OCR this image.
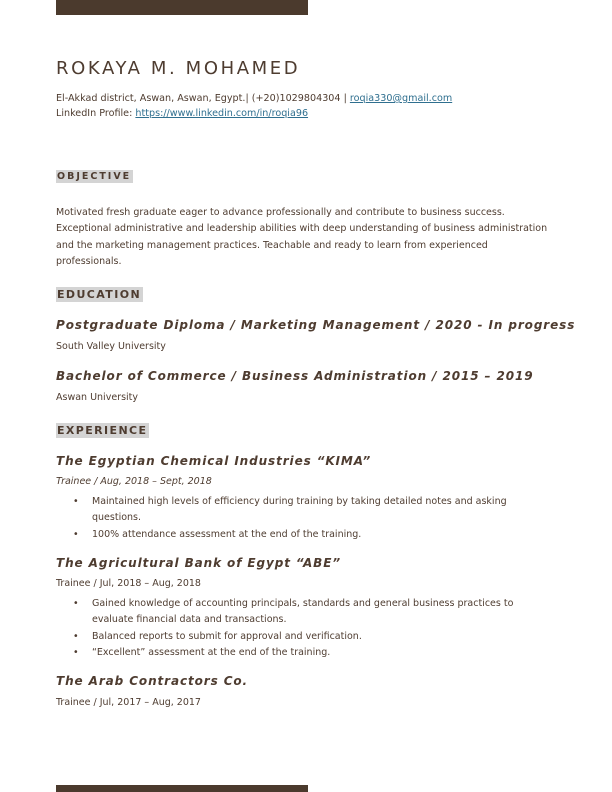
ROKAYA M. MOHAMED
El-Akkad district, Aswan, Aswan, Egypt.| (+20)1029804304 | roqia330@gmail.com
LinkedIn Profile: https://www.linkedin.com/in/roqia96
OBJECTIVE
Motivated fresh graduate eager to advance professionally and contribute to business success. Exceptional administrative and leadership abilities with deep understanding of business administration and the marketing management practices. Teachable and ready to learn from experienced professionals.
EDUCATION
Postgraduate Diploma / Marketing Management / 2020 - In progress
South Valley University
Bachelor of Commerce / Business Administration / 2015 – 2019
Aswan University
EXPERIENCE
The Egyptian Chemical Industries “KIMA”
Trainee / Aug, 2018 – Sept, 2018
• Maintained high levels of efficiency during training by taking detailed notes and asking questions.
• 100% attendance assessment at the end of the training.
The Agricultural Bank of Egypt “ABE”
Trainee / Jul, 2018 – Aug, 2018
• Gained knowledge of accounting principals, standards and general business practices to evaluate financial data and transactions.
• Balanced reports to submit for approval and verification.
• “Excellent” assessment at the end of the training.
The Arab Contractors Co.
Trainee / Jul, 2017 – Aug, 2017
